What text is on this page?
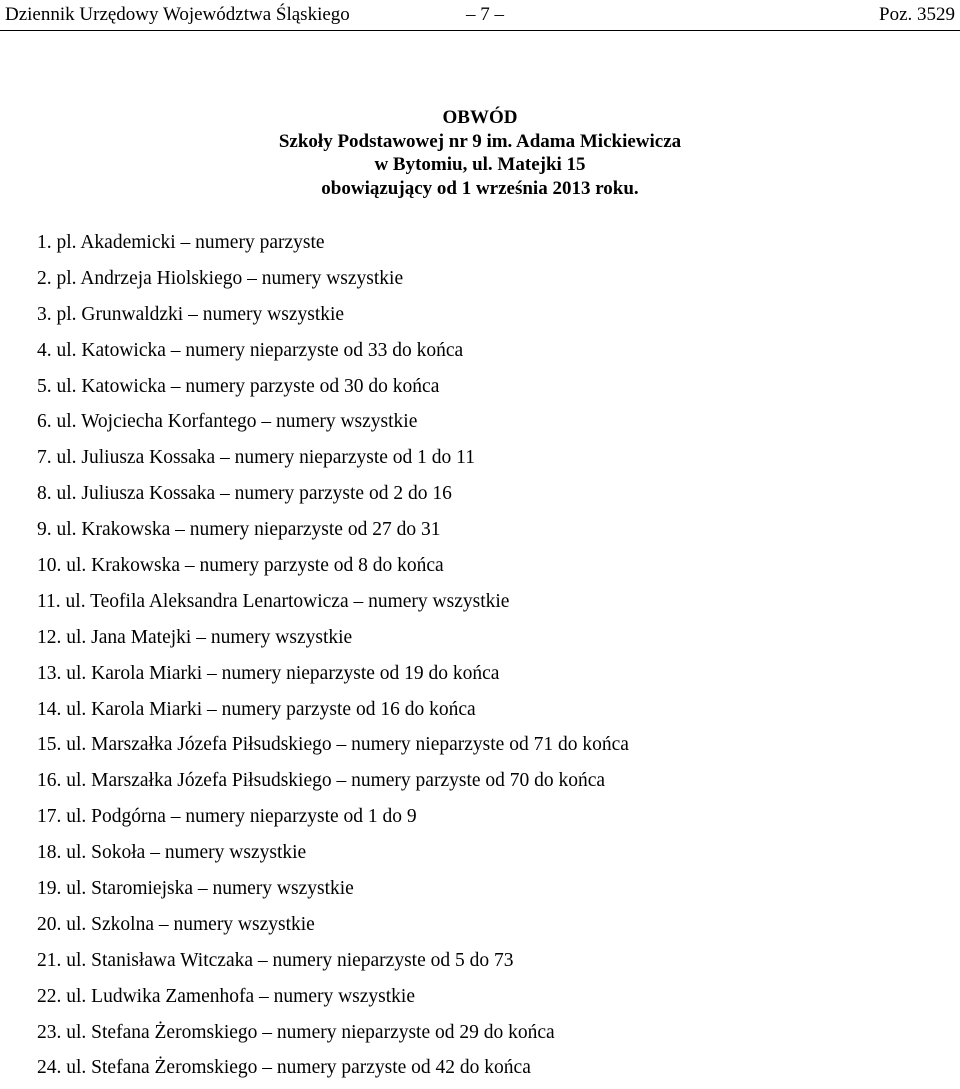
Dziennik Urzędowy Województwa Śląskiego	– 7 –	Poz. 3529
OBWÓD
Szkoły Podstawowej nr 9 im. Adama Mickiewicza
w Bytomiu, ul. Matejki 15
obowiązujący od 1 września 2013 roku.
1. pl. Akademicki – numery parzyste
2. pl. Andrzeja Hiolskiego – numery wszystkie
3. pl. Grunwaldzki – numery wszystkie
4. ul. Katowicka – numery nieparzyste od 33 do końca
5. ul. Katowicka – numery parzyste od 30 do końca
6. ul. Wojciecha Korfantego – numery wszystkie
7. ul. Juliusza Kossaka – numery nieparzyste od 1 do 11
8. ul. Juliusza Kossaka – numery parzyste od 2 do 16
9. ul. Krakowska – numery nieparzyste od 27 do 31
10. ul. Krakowska – numery parzyste od 8 do końca
11. ul. Teofila Aleksandra Lenartowicza – numery wszystkie
12. ul. Jana Matejki – numery wszystkie
13. ul. Karola Miarki – numery nieparzyste od 19 do końca
14. ul. Karola Miarki – numery parzyste od 16 do końca
15. ul. Marszałka Józefa Piłsudskiego – numery nieparzyste od 71 do końca
16. ul. Marszałka Józefa Piłsudskiego – numery parzyste od 70 do końca
17. ul. Podgórna – numery nieparzyste od 1 do 9
18. ul. Sokoła – numery wszystkie
19. ul. Staromiejska – numery wszystkie
20. ul. Szkolna – numery wszystkie
21. ul. Stanisława Witczaka – numery nieparzyste od 5 do 73
22. ul. Ludwika Zamenhofa – numery wszystkie
23. ul. Stefana Żeromskiego – numery nieparzyste od 29 do końca
24. ul. Stefana Żeromskiego – numery parzyste od 42 do końca
